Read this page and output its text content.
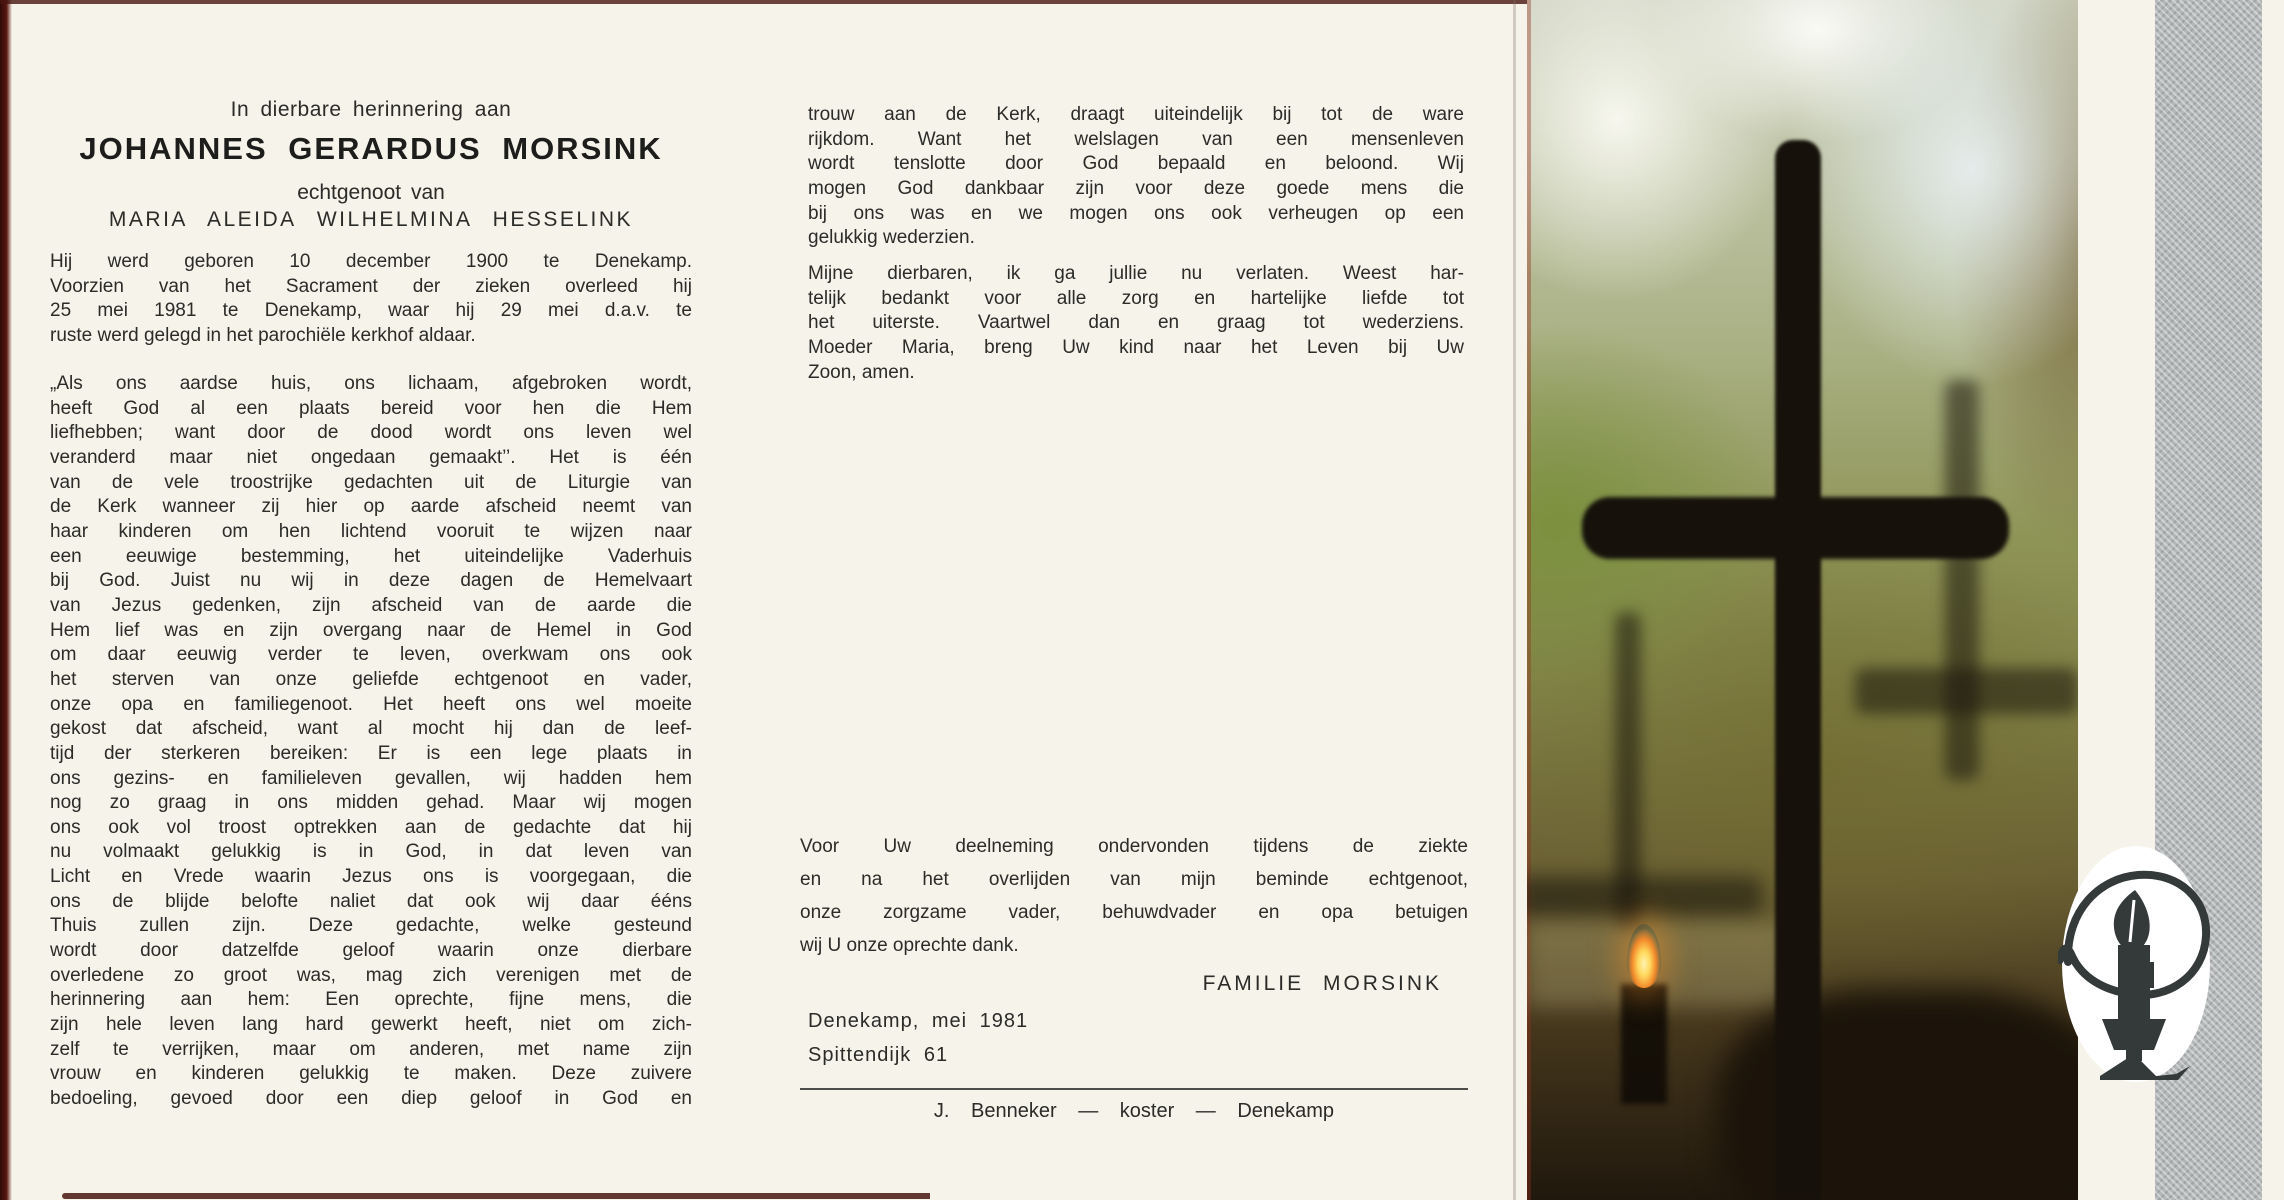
In dierbare herinnering aan
JOHANNES GERARDUS MORSINK
echtgenoot van
MARIA ALEIDA WILHELMINA HESSELINK
Hij werd geboren 10 december 1900 te Denekamp.
Voorzien van het Sacrament der zieken overleed hij
25 mei 1981 te Denekamp, waar hij 29 mei d.a.v. te
ruste werd gelegd in het parochiële kerkhof aldaar.
„Als ons aardse huis, ons lichaam, afgebroken wordt,
heeft God al een plaats bereid voor hen die Hem
liefhebben; want door de dood wordt ons leven wel
veranderd maar niet ongedaan gemaakt’’. Het is één
van de vele troostrijke gedachten uit de Liturgie van
de Kerk wanneer zij hier op aarde afscheid neemt van
haar kinderen om hen lichtend vooruit te wijzen naar
een eeuwige bestemming, het uiteindelijke Vaderhuis
bij God. Juist nu wij in deze dagen de Hemelvaart
van Jezus gedenken, zijn afscheid van de aarde die
Hem lief was en zijn overgang naar de Hemel in God
om daar eeuwig verder te leven, overkwam ons ook
het sterven van onze geliefde echtgenoot en vader,
onze opa en familiegenoot. Het heeft ons wel moeite
gekost dat afscheid, want al mocht hij dan de leef-
tijd der sterkeren bereiken: Er is een lege plaats in
ons gezins- en familieleven gevallen, wij hadden hem
nog zo graag in ons midden gehad. Maar wij mogen
ons ook vol troost optrekken aan de gedachte dat hij
nu volmaakt gelukkig is in God, in dat leven van
Licht en Vrede waarin Jezus ons is voorgegaan, die
ons de blijde belofte naliet dat ook wij daar ééns
Thuis zullen zijn. Deze gedachte, welke gesteund
wordt door datzelfde geloof waarin onze dierbare
overledene zo groot was, mag zich verenigen met de
herinnering aan hem: Een oprechte, fijne mens, die
zijn hele leven lang hard gewerkt heeft, niet om zich-
zelf te verrijken, maar om anderen, met name zijn
vrouw en kinderen gelukkig te maken. Deze zuivere
bedoeling, gevoed door een diep geloof in God en
trouw aan de Kerk, draagt uiteindelijk bij tot de ware
rijkdom. Want het welslagen van een mensenleven
wordt tenslotte door God bepaald en beloond. Wij
mogen God dankbaar zijn voor deze goede mens die
bij ons was en we mogen ons ook verheugen op een
gelukkig wederzien.
Mijne dierbaren, ik ga jullie nu verlaten. Weest har-
telijk bedankt voor alle zorg en hartelijke liefde tot
het uiterste. Vaartwel dan en graag tot wederziens.
Moeder Maria, breng Uw kind naar het Leven bij Uw
Zoon, amen.
Voor Uw deelneming ondervonden tijdens de ziekte
en na het overlijden van mijn beminde echtgenoot,
onze zorgzame vader, behuwdvader en opa betuigen
wij U onze oprechte dank.
FAMILIE MORSINK
Denekamp, mei 1981
Spittendijk 61
J. Benneker — koster — Denekamp
